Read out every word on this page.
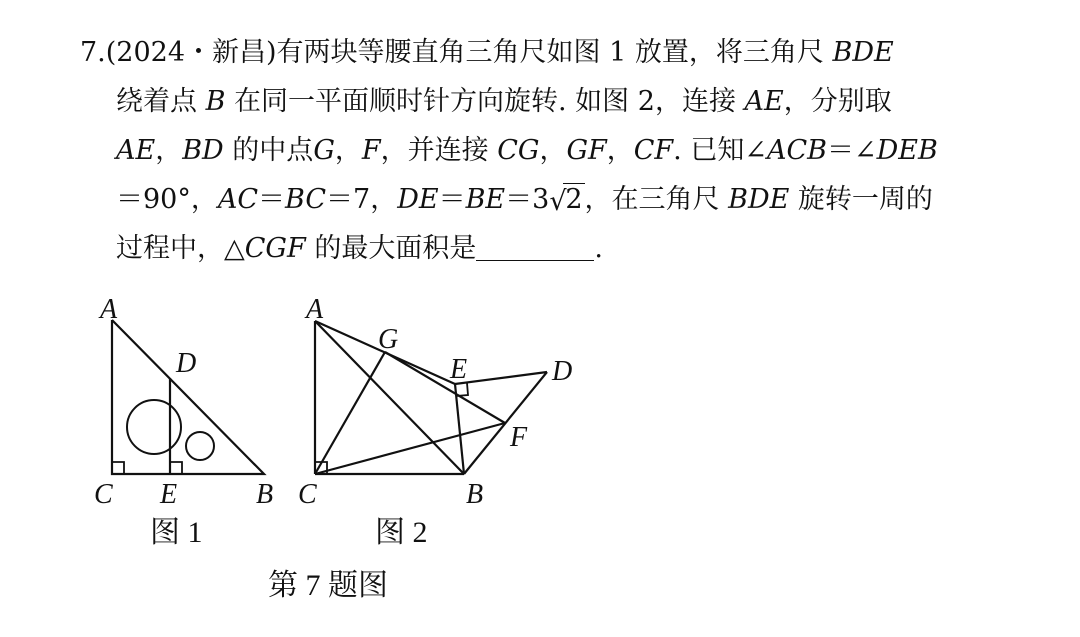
7.(2024・新昌)有两块等腰直角三角尺如图 1 放置，将三角尺 BDE
绕着点 B 在同一平面顺时针方向旋转. 如图 2，连接 AE，分别取
AE，BD 的中点G，F，并连接 CG，GF，CF. 已知∠ACB＝∠DEB
＝90°，AC＝BC＝7，DE＝BE＝3 √
2，在三角尺 BDE 旋转一周的
过程中，△CGF 的最大面积是	.
A
D
C E	B
图 1
A
G
E	D
F
C	B
图 2
第 7 题图
